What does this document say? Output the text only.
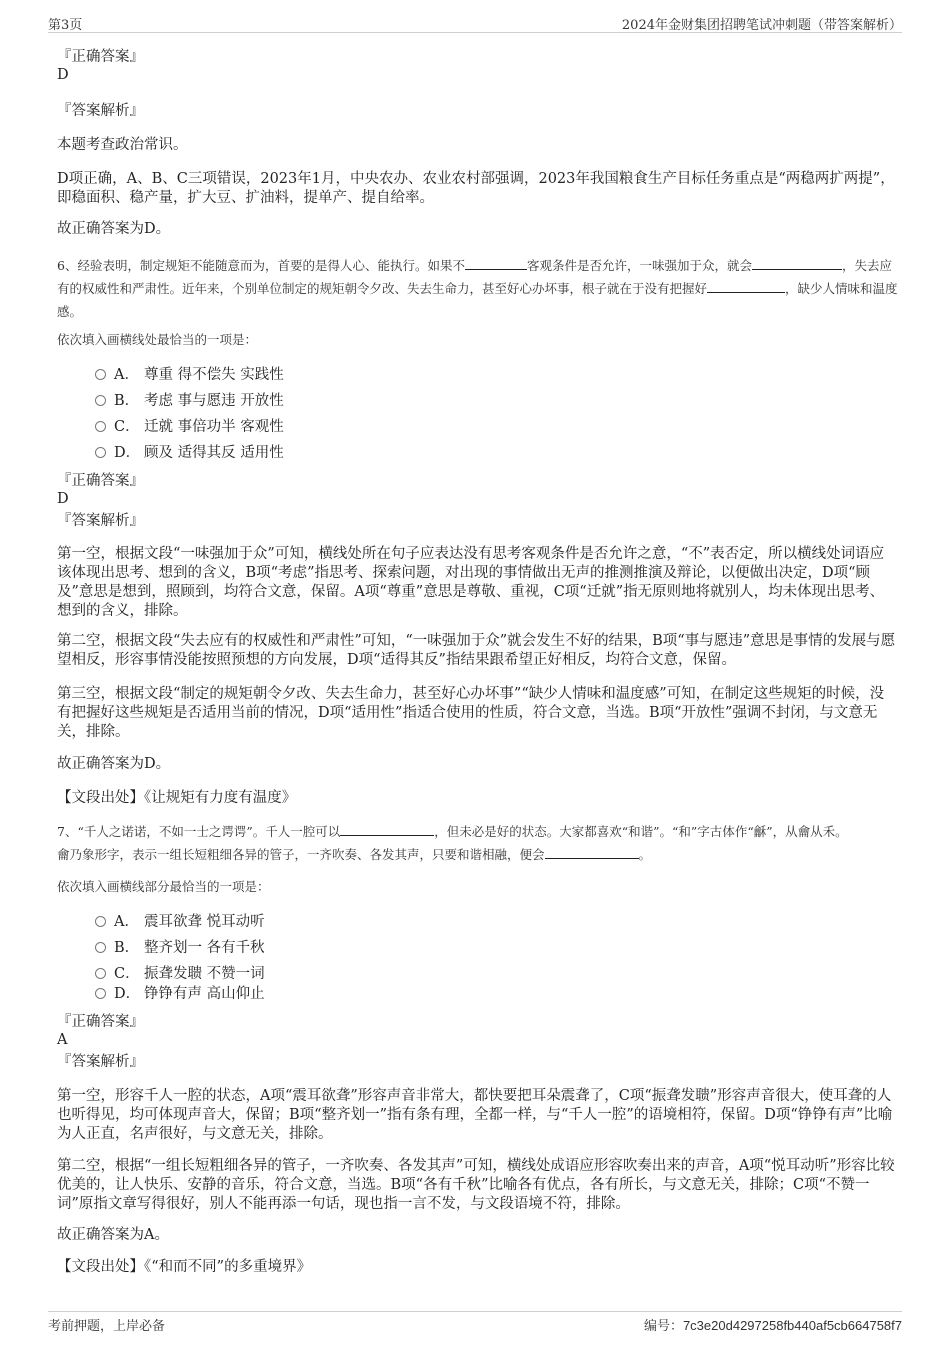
第3页	2024年金财集团招聘笔试冲刺题（带答案解析）
『正确答案』
D
『答案解析』
本题考查政治常识。
D项正确，A、B、C三项错误，2023年1月，中央农办、农业农村部强调，2023年我国粮食生产目标任务重点是“两稳两扩两提”，即稳面积、稳产量，扩大豆、扩油料，提单产、提自给率。
故正确答案为D。
6、经验表明，制定规矩不能随意而为，首要的是得人心、能执行。如果不	客观条件是否允许，一味强加于众，就会	，失去应有的权威性和严肃性。近年来，个别单位制定的规矩朝令夕改、失去生命力，甚至好心办坏事，根子就在于没有把握好	，缺少人情味和温度感。
依次填入画横线处最恰当的一项是：
A． 尊重 得不偿失 实践性
B． 考虑 事与愿违 开放性
C． 迁就 事倍功半 客观性
D． 顾及 适得其反 适用性
『正确答案』
D
『答案解析』
第一空，根据文段“一味强加于众”可知，横线处所在句子应表达没有思考客观条件是否允许之意，“不”表否定，所以横线处词语应该体现出思考、想到的含义，B项“考虑”指思考、探索问题，对出现的事情做出无声的推测推演及辩论，以便做出决定，D项“顾及”意思是想到，照顾到，均符合文意，保留。A项“尊重”意思是尊敬、重视，C项“迁就”指无原则地将就别人，均未体现出思考、想到的含义，排除。
第二空，根据文段“失去应有的权威性和严肃性”可知，“一味强加于众”就会发生不好的结果，B项“事与愿违”意思是事情的发展与愿望相反，形容事情没能按照预想的方向发展，D项“适得其反”指结果跟希望正好相反，均符合文意，保留。
第三空，根据文段“制定的规矩朝令夕改、失去生命力，甚至好心办坏事”“缺少人情味和温度感”可知，在制定这些规矩的时候，没有把握好这些规矩是否适用当前的情况，D项“适用性”指适合使用的性质，符合文意，当选。B项“开放性”强调不封闭，与文意无关，排除。
故正确答案为D。
【文段出处】《让规矩有力度有温度》
7、“千人之诺诺，不如一士之谔谔”。千人一腔可以	，但未必是好的状态。大家都喜欢“和谐”。“和”字古体作“龢”，从龠从禾。
龠乃象形字，表示一组长短粗细各异的管子，一齐吹奏、各发其声，只要和谐相融，便会	。
依次填入画横线部分最恰当的一项是：
A． 震耳欲聋 悦耳动听
B． 整齐划一 各有千秋
C． 振聋发聩 不赞一词
D． 铮铮有声 高山仰止
『正确答案』
A
『答案解析』
第一空，形容千人一腔的状态，A项“震耳欲聋”形容声音非常大，都快要把耳朵震聋了，C项“振聋发聩”形容声音很大，使耳聋的人也听得见，均可体现声音大，保留；B项“整齐划一”指有条有理，全都一样，与“千人一腔”的语境相符，保留。D项“铮铮有声”比喻为人正直，名声很好，与文意无关，排除。
第二空，根据“一组长短粗细各异的管子，一齐吹奏、各发其声”可知，横线处成语应形容吹奏出来的声音，A项“悦耳动听”形容比较优美的，让人快乐、安静的音乐，符合文意，当选。B项“各有千秋”比喻各有优点，各有所长，与文意无关，排除；C项“不赞一词”原指文章写得很好，别人不能再添一句话，现也指一言不发，与文段语境不符，排除。
故正确答案为A。
【文段出处】《“和而不同”的多重境界》
考前押题，上岸必备	编号：7c3e20d4297258fb440af5cb664758f7
